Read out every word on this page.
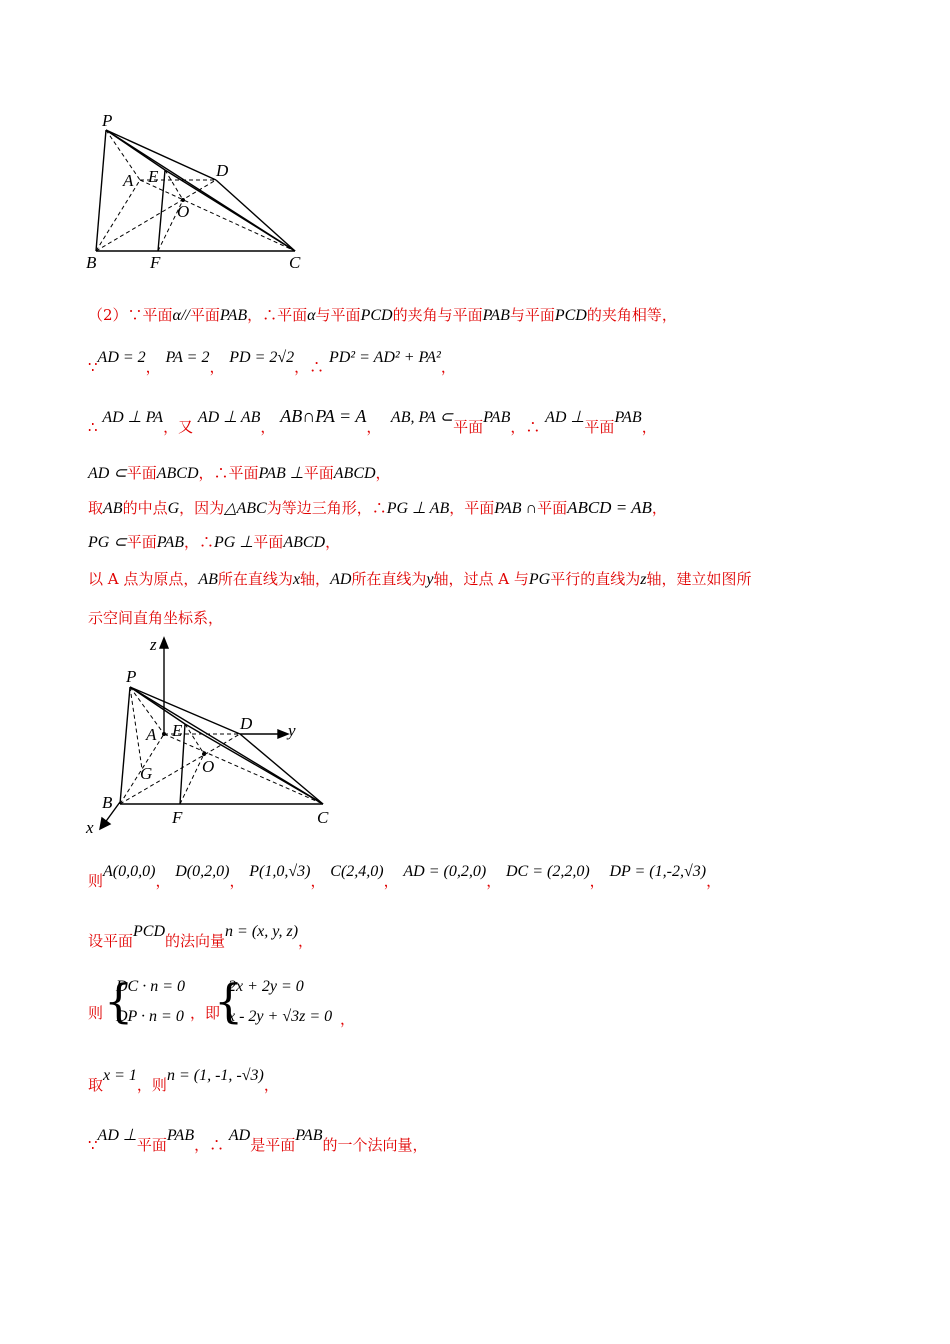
P
A E	D
O
B	F	C
（2）∵平面α//平面PAB，∴平面α与平面PCD的夹角与平面PAB与平面PCD的夹角相等，
∵AD = 2， PA = 2， PD = 2√2，∴ PD² = AD² + PA²，
∴ AD ⊥ PA，又 AD ⊥ AB， AB∩PA = A，  AB, PA ⊂平面PAB，∴ AD ⊥平面PAB，
AD ⊂平面ABCD，∴平面PAB ⊥平面ABCD，
取AB的中点G，因为△ABC为等边三角形，∴PG ⊥ AB，平面PAB ∩平面ABCD = AB，
PG ⊂平面PAB，∴PG ⊥平面ABCD，
以 A 点为原点，AB所在直线为x轴，AD所在直线为y轴，过点 A 与PG平行的直线为z轴，建立如图所
示空间直角坐标系，
z
P
A E	D y
G	O
B
F	C
x
则A(0,0,0)， D(0,2,0)， P(1,0,√3)， C(2,4,0)， AD = (0,2,0)， DC = (2,2,0)， DP = (1,-2,√3)，
设平面PCD的法向量n = (x, y, z)，
则 {
DC · n = 0
DP · n = 0 ，即
{
2x + 2y = 0
x - 2y + √3z = 0 ，
取x = 1，则n = (1, -1, -√3)，
∵AD ⊥平面PAB，∴ AD是平面PAB的一个法向量，
